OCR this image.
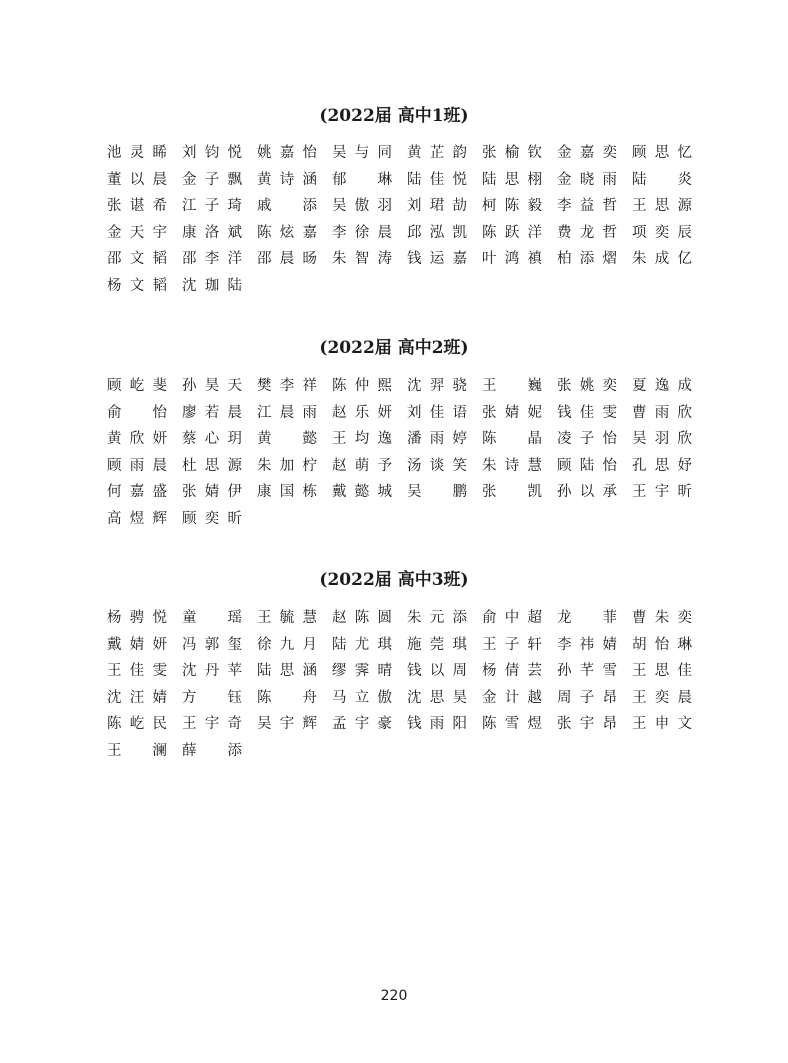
(2022届 高中1班)
池灵睎 刘钧悦 姚嘉怡 吴与同 黄芷韵 张榆钦 金嘉奕 顾思忆
董以晨 金子飘 黄诗涵 郁　琳 陆佳悦 陆思栩 金晓雨 陆　炎
张谌希 江子琦 戚　添 吴傲羽 刘珺劼 柯陈毅 李益哲 王思源
金天宇 康洛斌 陈炫嘉 李徐晨 邱泓凯 陈跃洋 费龙哲 项奕辰
邵文韬 邵李洋 邵晨旸 朱智涛 钱运嘉 叶鸿禛 柏添熠 朱成亿
杨文韬 沈珈陆
(2022届 高中2班)
顾屹斐 孙昊天 樊李祥 陈仲熙 沈羿骁 王　巍 张姚奕 夏逸成
俞　怡 廖若晨 江晨雨 赵乐妍 刘佳语 张婧妮 钱佳雯 曹雨欣
黄欣妍 蔡心玥 黄　懿 王均逸 潘雨婷 陈　晶 凌子怡 吴羽欣
顾雨晨 杜思源 朱加柠 赵萌予 汤谈笑 朱诗慧 顾陆怡 孔思妤
何嘉盛 张婧伊 康国栋 戴懿城 吴　鹏 张　凯 孙以承 王宇昕
高煜辉 顾奕昕
(2022届 高中3班)
杨骋悦 童　瑶 王毓慧 赵陈圆 朱元添 俞中超 龙　菲 曹朱奕
戴婧妍 冯郭玺 徐九月 陆尤琪 施莞琪 王子轩 李祎婧 胡怡琳
王佳雯 沈丹苹 陆思涵 缪霁晴 钱以周 杨倩芸 孙芊雪 王思佳
沈汪婧 方　钰 陈　舟 马立傲 沈思昊 金计越 周子昂 王奕晨
陈屹民 王宇奇 吴宇辉 孟宇豪 钱雨阳 陈雪煜 张宇昂 王申文
王　澜 薛　添
220
